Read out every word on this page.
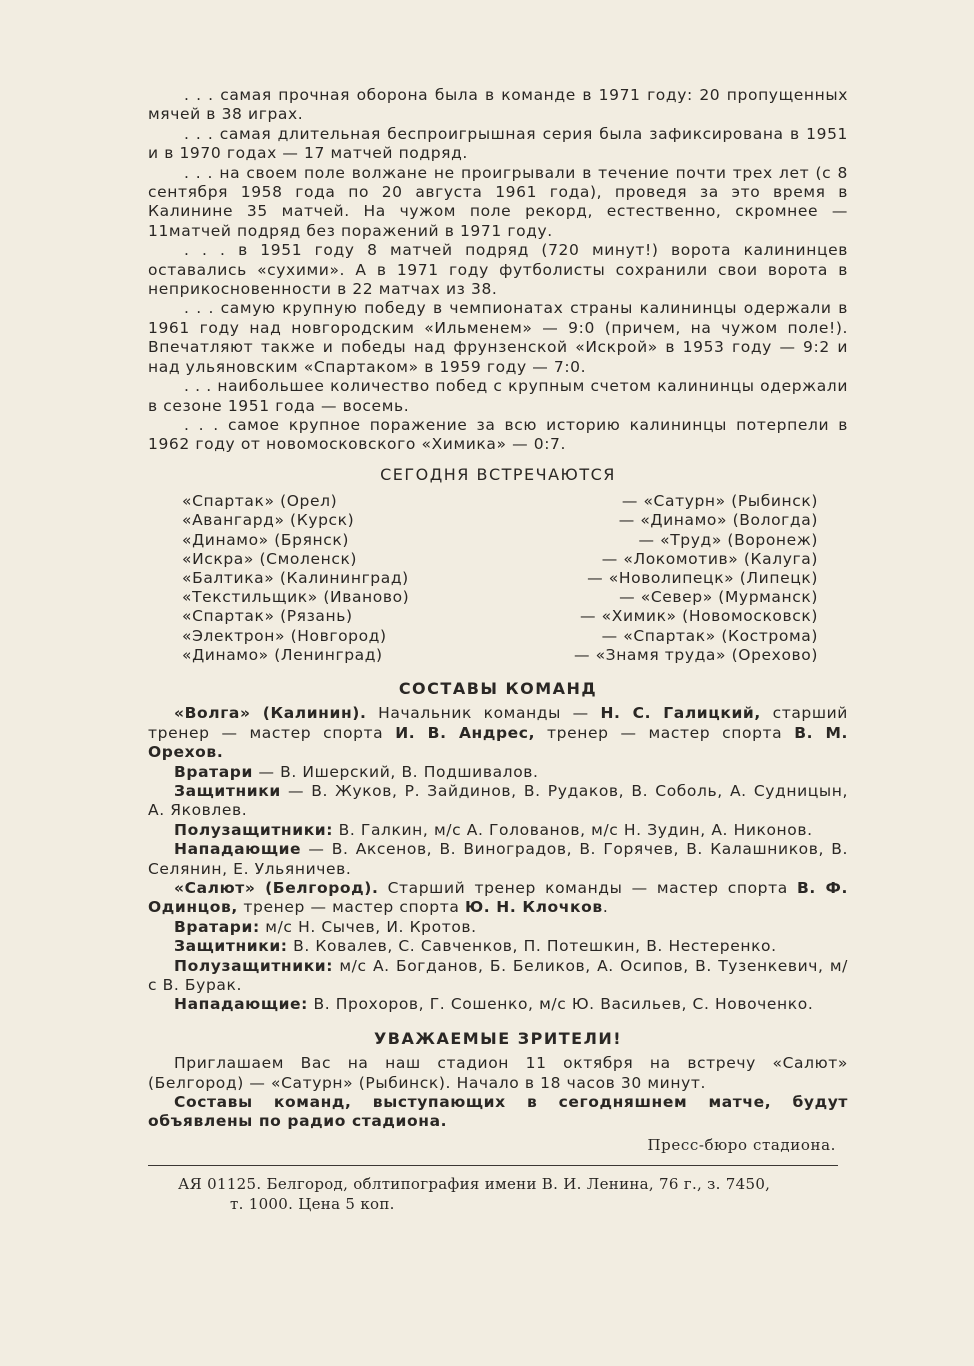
. . . самая прочная оборона была в команде в 1971 году: 20 пропущенных мячей в 38 играх.

. . . самая длительная беспроигрышная серия была зафиксирована в 1951 и в 1970 годах — 17 матчей подряд.

. . . на своем поле волжане не проигрывали в течение почти трех лет (с 8 сентября 1958 года по 20 августа 1961 года), проведя за это время в Калинине 35 матчей. На чужом поле рекорд, естественно, скромнее — 11матчей подряд без поражений в 1971 году.

. . . в 1951 году 8 матчей подряд (720 минут!) ворота калининцев оставались «сухими». А в 1971 году футболисты сохранили свои ворота в неприкосновенности в 22 матчах из 38.

. . . самую крупную победу в чемпионатах страны калининцы одержали в 1961 году над новгородским «Ильменем» — 9:0 (причем, на чужом поле!). Впечатляют также и победы над фрунзенской «Искрой» в 1953 году — 9:2 и над ульяновским «Спартаком» в 1959 году — 7:0.

. . . наибольшее количество побед с крупным счетом калининцы одержали в сезоне 1951 года — восемь.

. . . самое крупное поражение за всю историю калининцы потерпели в 1962 году от новомосковского «Химика» — 0:7.

СЕГОДНЯ ВСТРЕЧАЮТСЯ
«Спартак» (Орел)	— «Сатурн» (Рыбинск)
«Авангард» (Курск)	— «Динамо» (Вологда)
«Динамо» (Брянск)	— «Труд» (Воронеж)
«Искра» (Смоленск)	— «Локомотив» (Калуга)
«Балтика» (Калининград)	— «Новолипецк» (Липецк)
«Текстильщик» (Иваново)	— «Север» (Мурманск)
«Спартак» (Рязань)	— «Химик» (Новомосковск)
«Электрон» (Новгород)	— «Спартак» (Кострома)
«Динамо» (Ленинград)	— «Знамя труда» (Орехово)
СОСТАВЫ КОМАНД

«Волга» (Калинин). Начальник команды — Н. С. Галицкий, старший тренер — мастер спорта И. В. Андрес, тренер — мастер спорта В. М. Орехов.

Вратари — В. Ишерский, В. Подшивалов.

Защитники — В. Жуков, Р. Зайдинов, В. Рудаков, В. Соболь, А. Судницын, А. Яковлев.

Полузащитники: В. Галкин, м/с А. Голованов, м/с Н. Зудин, А. Никонов.

Нападающие — В. Аксенов, В. Виноградов, В. Горячев, В. Калашников, В. Селянин, Е. Ульяничев.

«Салют» (Белгород). Старший тренер команды — мастер спорта В. Ф. Одинцов, тренер — мастер спорта Ю. Н. Клочков.

Вратари: м/с Н. Сычев, И. Кротов.

Защитники: В. Ковалев, С. Савченков, П. Потешкин, В. Нестеренко.

Полузащитники: м/с А. Богданов, Б. Беликов, А. Осипов, В. Тузенкевич, м/с В. Бурак.

Нападающие: В. Прохоров, Г. Сошенко, м/с Ю. Васильев, С. Новоченко.

УВАЖАЕМЫЕ ЗРИТЕЛИ!

Приглашаем Вас на наш стадион 11 октября на встречу «Салют» (Белгород) — «Сатурн» (Рыбинск). Начало в 18 часов 30 минут.

Составы команд, выступающих в сегодняшнем матче, будут объявлены по радио стадиона.

Пресс-бюро стадиона.
АЯ 01125. Белгород, облтипография имени В. И. Ленина, 76 г., з. 7450,
т. 1000. Цена 5 коп.
